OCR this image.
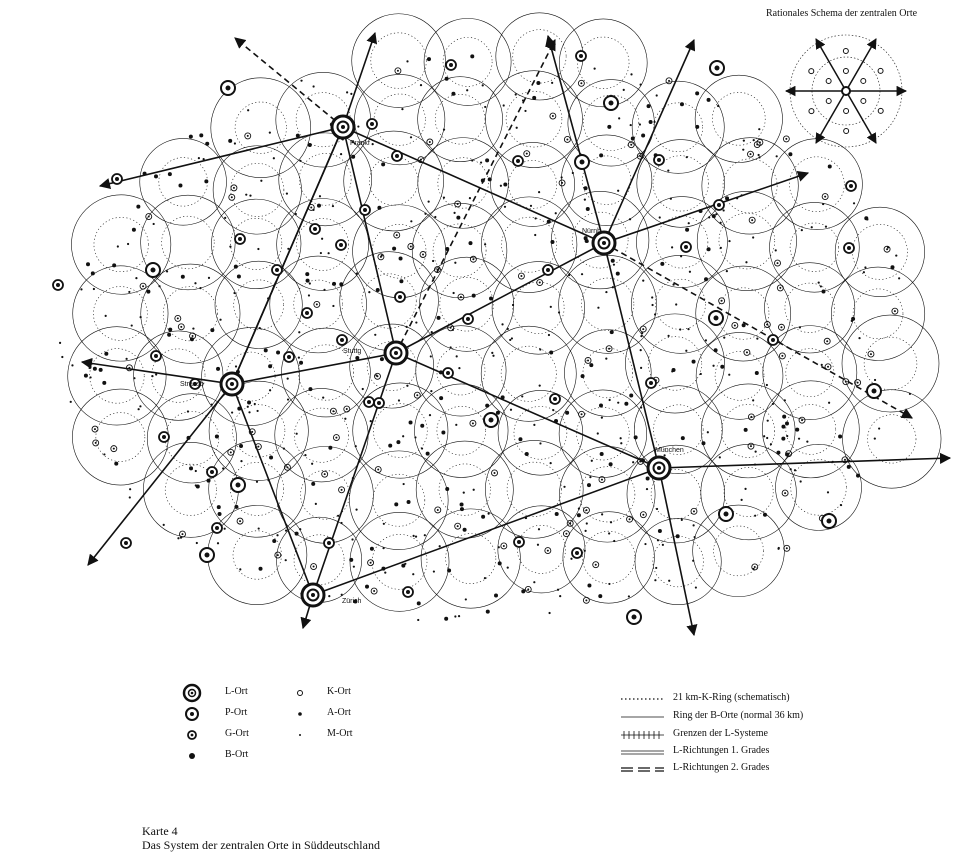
Frankf
Nürnb
Stuttg
Strassb
München
Zürich
Rationales Schema der zentralen Orte
L-Ort
P-Ort
G-Ort
B-Ort
K-Ort
A-Ort
M-Ort
21 km-K-Ring (schematisch)
Ring der B-Orte (normal 36 km)
Grenzen der L-Systeme
L-Richtungen 1. Grades
L-Richtungen 2. Grades
Karte 4
Das System der zentralen Orte in Süddeutschland
